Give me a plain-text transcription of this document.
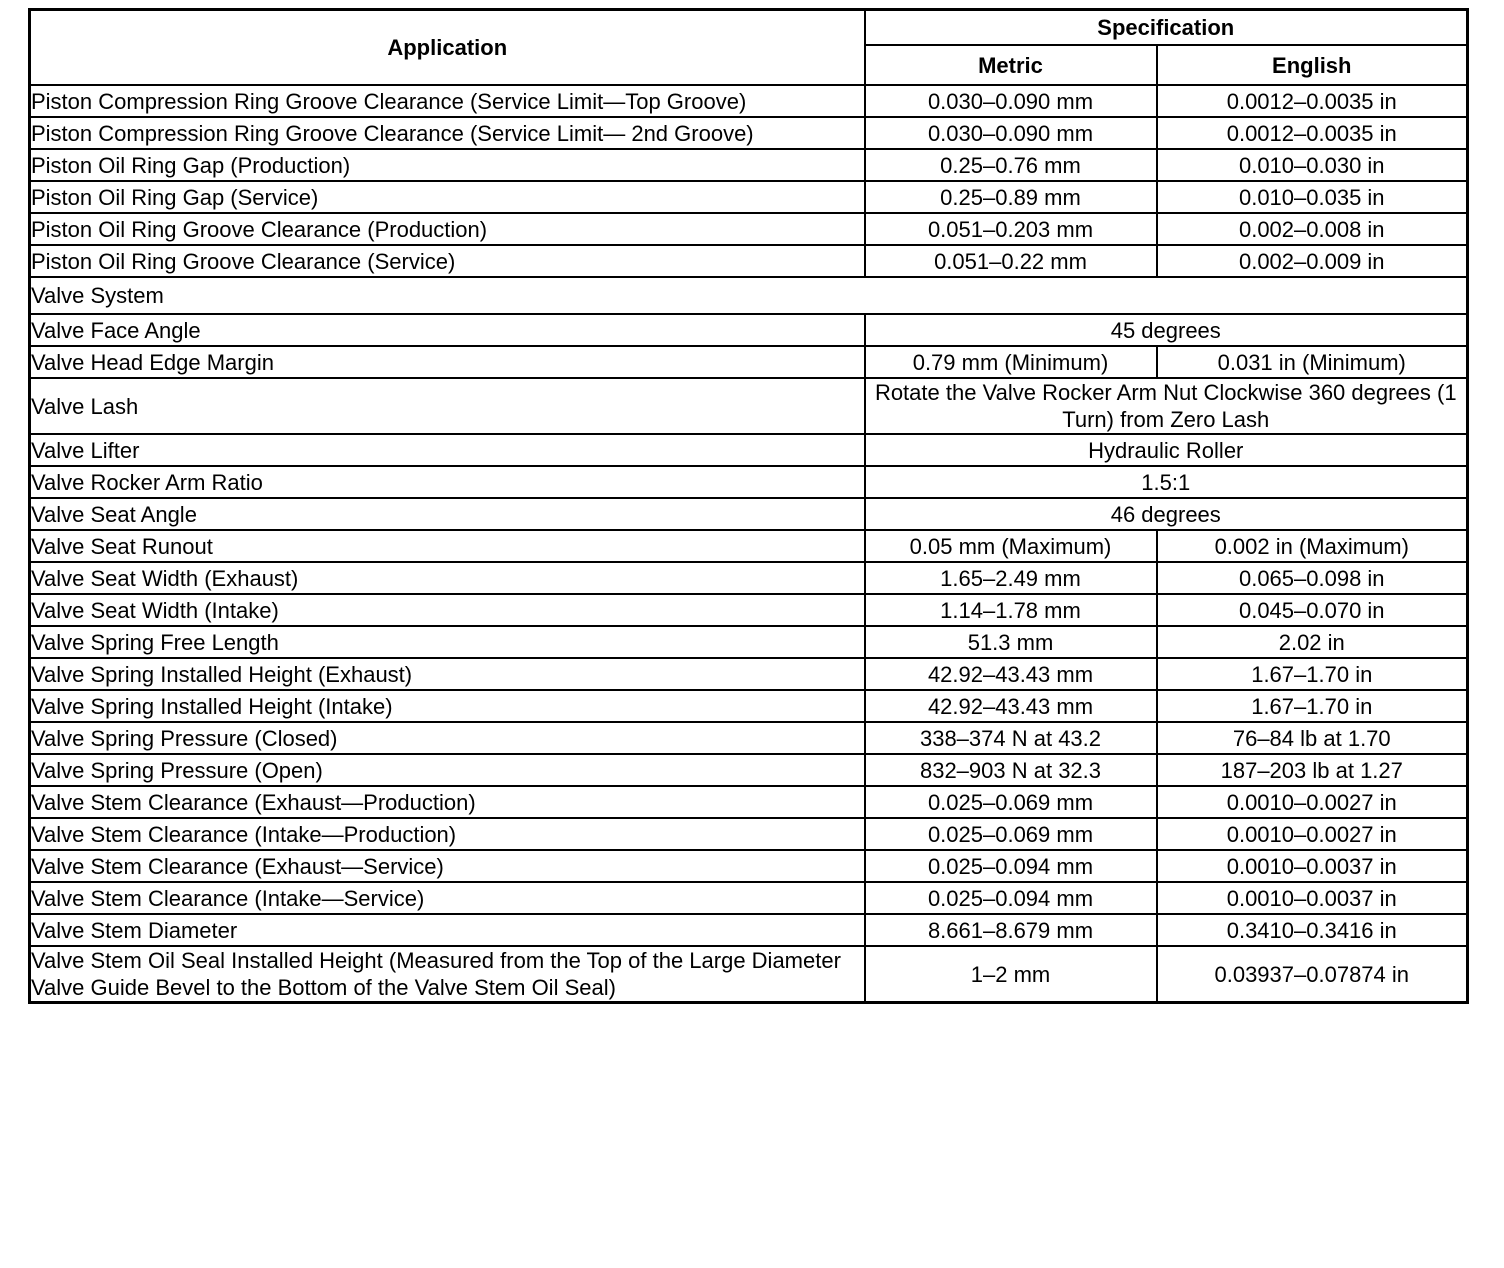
Application	Specification	
	Metric	English
Piston Compression Ring Groove Clearance (Service Limit—Top Groove)	0.030–0.090 mm	0.0012–0.0035 in
Piston Compression Ring Groove Clearance (Service Limit— 2nd Groove)	0.030–0.090 mm	0.0012–0.0035 in
Piston Oil Ring Gap (Production)	0.25–0.76 mm	0.010–0.030 in
Piston Oil Ring Gap (Service)	0.25–0.89 mm	0.010–0.035 in
Piston Oil Ring Groove Clearance (Production)	0.051–0.203 mm	0.002–0.008 in
Piston Oil Ring Groove Clearance (Service)	0.051–0.22 mm	0.002–0.009 in
Valve System		
Valve Face Angle	45 degrees	
Valve Head Edge Margin	0.79 mm (Minimum)	0.031 in (Minimum)
Valve Lash	Rotate the Valve Rocker Arm Nut Clockwise 360 degrees (1 Turn) from Zero Lash	
Valve Lifter	Hydraulic Roller	
Valve Rocker Arm Ratio	1.5:1	
Valve Seat Angle	46 degrees	
Valve Seat Runout	0.05 mm (Maximum)	0.002 in (Maximum)
Valve Seat Width (Exhaust)	1.65–2.49 mm	0.065–0.098 in
Valve Seat Width (Intake)	1.14–1.78 mm	0.045–0.070 in
Valve Spring Free Length	51.3 mm	2.02 in
Valve Spring Installed Height (Exhaust)	42.92–43.43 mm	1.67–1.70 in
Valve Spring Installed Height (Intake)	42.92–43.43 mm	1.67–1.70 in
Valve Spring Pressure (Closed)	338–374 N at 43.2	76–84 lb at 1.70
Valve Spring Pressure (Open)	832–903 N at 32.3	187–203 lb at 1.27
Valve Stem Clearance (Exhaust—Production)	0.025–0.069 mm	0.0010–0.0027 in
Valve Stem Clearance (Intake—Production)	0.025–0.069 mm	0.0010–0.0027 in
Valve Stem Clearance (Exhaust—Service)	0.025–0.094 mm	0.0010–0.0037 in
Valve Stem Clearance (Intake—Service)	0.025–0.094 mm	0.0010–0.0037 in
Valve Stem Diameter	8.661–8.679 mm	0.3410–0.3416 in
Valve Stem Oil Seal Installed Height (Measured from the Top of the Large Diameter Valve Guide Bevel to the Bottom of the Valve Stem Oil Seal)	1–2 mm	0.03937–0.07874 in
